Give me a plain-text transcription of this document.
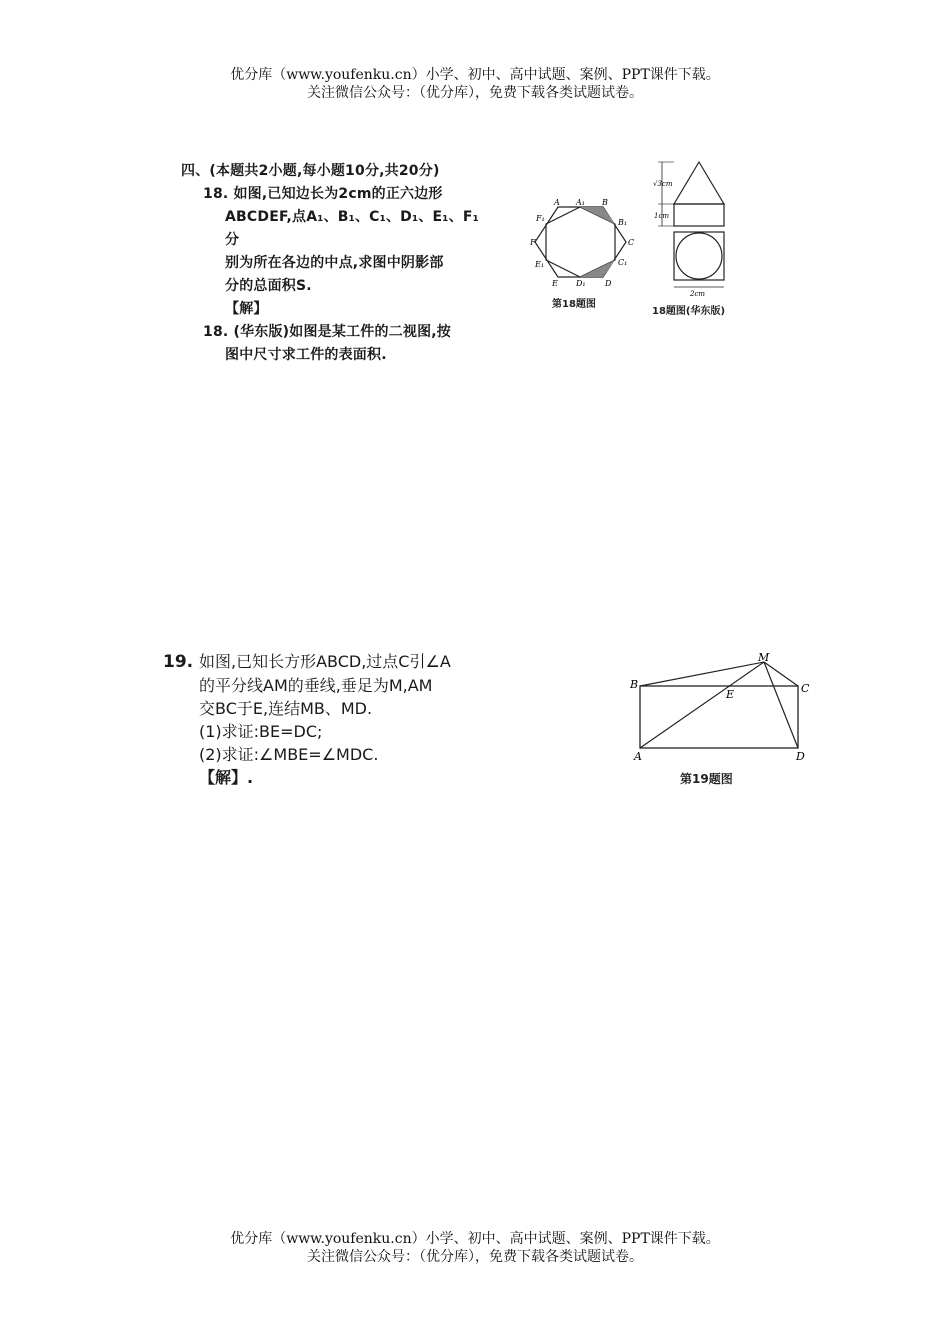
优分库（www.youfenku.cn）小学、初中、高中试题、案例、PPT课件下载。
关注微信公众号：（优分库），免费下载各类试题试卷。
四、(本题共2小题,每小题10分,共20分)
18. 如图,已知边长为2cm的正六边形
ABCDEF,点A₁、B₁、C₁、D₁、E₁、F₁分
别为所在各边的中点,求图中阴影部
分的总面积S.
【解】
18. (华东版)如图是某工件的二视图,按
图中尺寸求工件的表面积.
A A₁ B
B₁
C
C₁
D
D₁
E
E₁
F
F₁
第18题图
√3cm
1cm
2cm
18题图(华东版)
19. 如图,已知长方形ABCD,过点C引∠A
的平分线AM的垂线,垂足为M,AM
交BC于E,连结MB、MD.
(1)求证:BE=DC;
(2)求证:∠MBE=∠MDC.
【解】.
M
B	C
E
A	D
第19题图
优分库（www.youfenku.cn）小学、初中、高中试题、案例、PPT课件下载。
关注微信公众号：（优分库），免费下载各类试题试卷。
